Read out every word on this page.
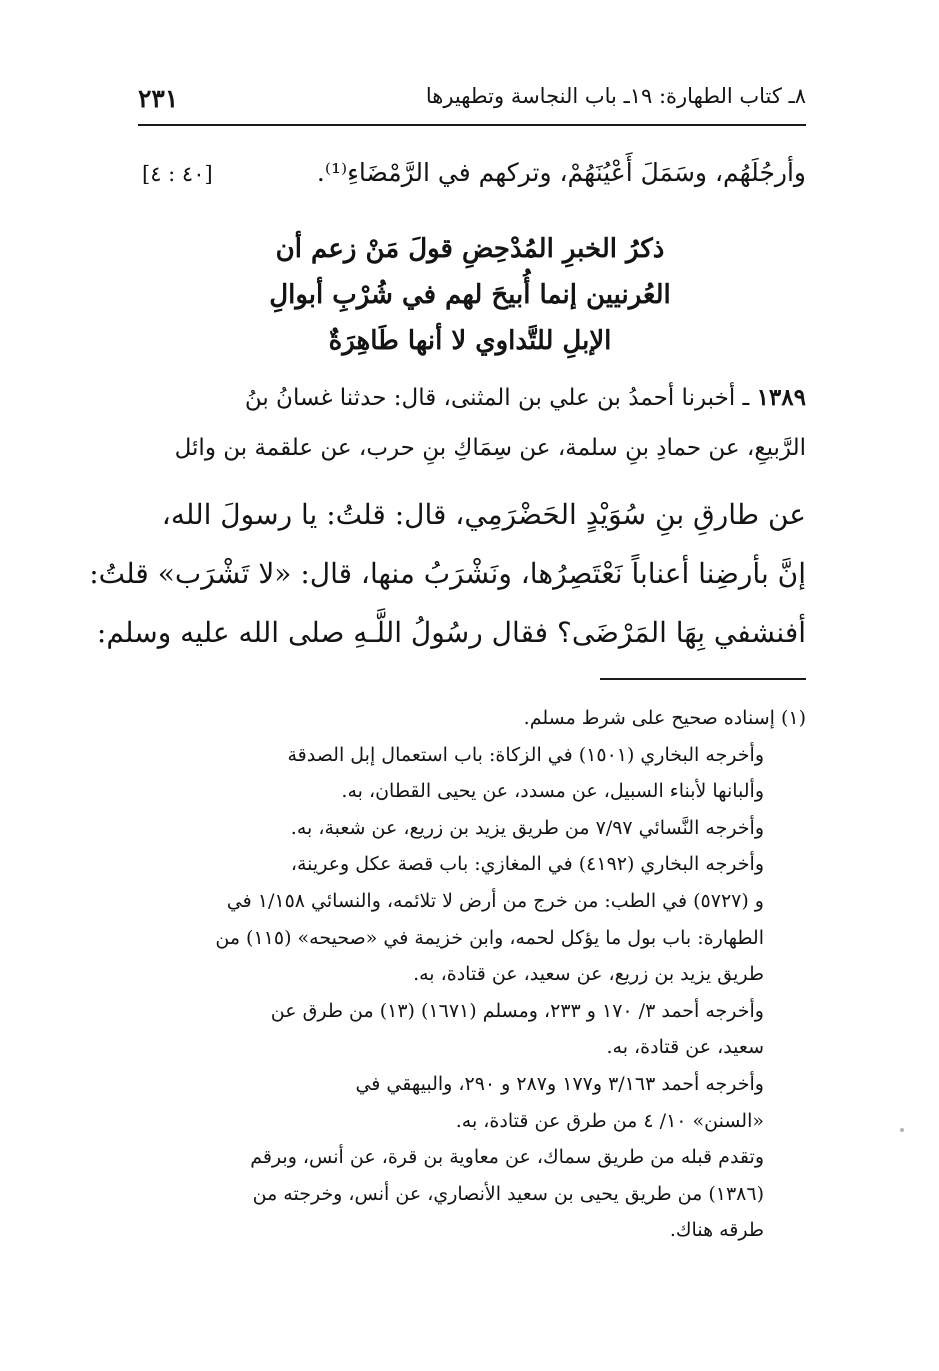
٨ـ كتاب الطهارة: ١٩ـ باب النجاسة وتطهيرها
٢٣١
وأرجُلَهُم، وسَمَلَ أَعْيُنَهُمْ، وتركهم في الرَّمْضَاءِ⁽¹⁾.
[٤٠ : ٤]
ذكرُ الخبرِ المُدْحِضِ قولَ مَنْ زعم أن
العُرنيين إنما أُبيحَ لهم في شُرْبِ أبوالِ
الإبلِ للتَّداوي لا أنها طَاهِرَةٌ
١٣٨٩ ـ أخبرنا أحمدُ بن علي بن المثنى، قال: حدثنا غسانُ بنُ
الرَّبيعِ، عن حمادِ بنِ سلمة، عن سِمَاكِ بنِ حرب، عن علقمة بن وائل
عن طارقِ بنِ سُوَيْدٍ الحَضْرَمِي، قال: قلتُ: يا رسولَ الله،
إنَّ بأرضِنا أعناباً نَعْتَصِرُها، ونَشْرَبُ منها، قال: «لا تَشْرَب» قلتُ:
أفنشفي بِهَا المَرْضَى؟ فقال رسُولُ اللَّـهِ صلى الله عليه وسلم:
(١) إسناده صحيح على شرط مسلم.
وأخرجه البخاري (١٥٠١) في الزكاة: باب استعمال إبل الصدقة
وألبانها لأبناء السبيل، عن مسدد، عن يحيى القطان، به.
وأخرجه النَّسائي ٧/٩٧ من طريق يزيد بن زريع، عن شعبة، به.
وأخرجه البخاري (٤١٩٢) في المغازي: باب قصة عكل وعرينة،
و (٥٧٢٧) في الطب: من خرج من أرض لا تلائمه، والنسائي ١/١٥٨ في
الطهارة: باب بول ما يؤكل لحمه، وابن خزيمة في «صحيحه» (١١٥) من
طريق يزيد بن زريع، عن سعيد، عن قتادة، به.
وأخرجه أحمد ٣/ ١٧٠ و ٢٣٣، ومسلم (١٦٧١) (١٣) من طرق عن
سعيد، عن قتادة، به.
وأخرجه أحمد ٣/١٦٣ و١٧٧ و٢٨٧ و ٢٩٠، والبيهقي في
«السنن» ١٠/ ٤ من طرق عن قتادة، به.
وتقدم قبله من طريق سماك، عن معاوية بن قرة، عن أنس، وبرقم
(١٣٨٦) من طريق يحيى بن سعيد الأنصاري، عن أنس، وخرجته من
طرقه هناك.
